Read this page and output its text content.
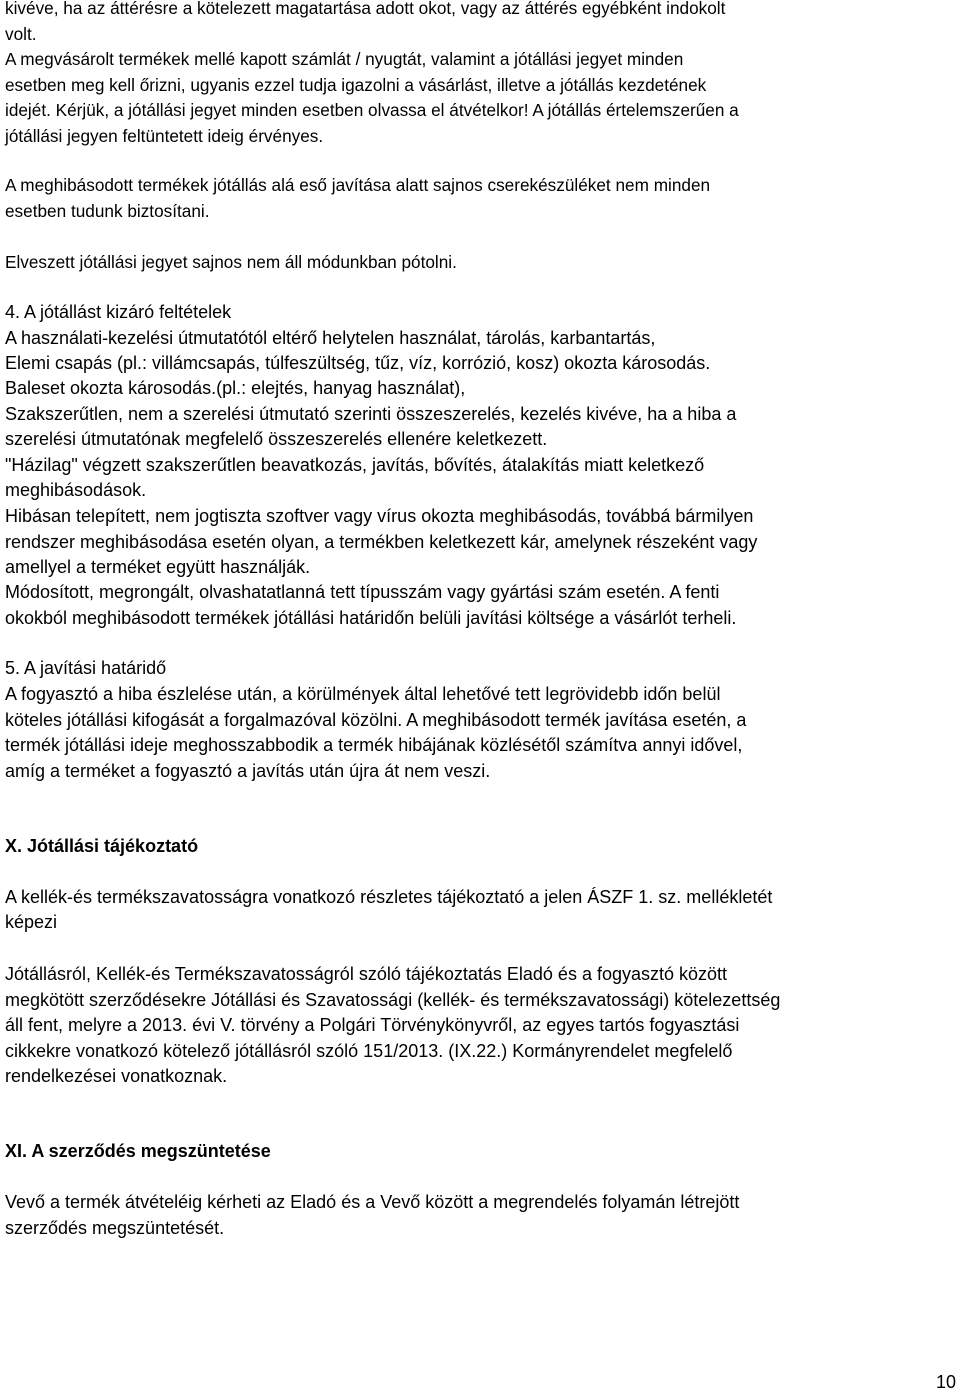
kivéve, ha az áttérésre a kötelezett magatartása adott okot, vagy az áttérés egyébként indokolt
volt.
A megvásárolt termékek mellé kapott számlát / nyugtát, valamint a jótállási jegyet minden
esetben meg kell őrizni, ugyanis ezzel tudja igazolni a vásárlást, illetve a jótállás kezdetének
idejét. Kérjük, a jótállási jegyet minden esetben olvassa el átvételkor! A jótállás értelemszerűen a
jótállási jegyen feltüntetett ideig érvényes.
A meghibásodott termékek jótállás alá eső javítása alatt sajnos cserekészüléket nem minden
esetben tudunk biztosítani.
Elveszett jótállási jegyet sajnos nem áll módunkban pótolni.
4. A jótállást kizáró feltételek
A használati-kezelési útmutatótól eltérő helytelen használat, tárolás, karbantartás,
Elemi csapás (pl.: villámcsapás, túlfeszültség, tűz, víz, korrózió, kosz) okozta károsodás.
Baleset okozta károsodás.(pl.: elejtés, hanyag használat),
Szakszerűtlen, nem a szerelési útmutató szerinti összeszerelés, kezelés kivéve, ha a hiba a
szerelési útmutatónak megfelelő összeszerelés ellenére keletkezett.
"Házilag" végzett szakszerűtlen beavatkozás, javítás, bővítés, átalakítás miatt keletkező
meghibásodások.
Hibásan telepített, nem jogtiszta szoftver vagy vírus okozta meghibásodás, továbbá bármilyen
rendszer meghibásodása esetén olyan, a termékben keletkezett kár, amelynek részeként vagy
amellyel a terméket együtt használják.
Módosított, megrongált, olvashatatlanná tett típusszám vagy gyártási szám esetén. A fenti
okokból meghibásodott termékek jótállási határidőn belüli javítási költsége a vásárlót terheli.
5. A javítási határidő
A fogyasztó a hiba észlelése után, a körülmények által lehetővé tett legrövidebb időn belül
köteles jótállási kifogását a forgalmazóval közölni. A meghibásodott termék javítása esetén, a
termék jótállási ideje meghosszabbodik a termék hibájának közlésétől számítva annyi idővel,
amíg a terméket a fogyasztó a javítás után újra át nem veszi.
X. Jótállási tájékoztató
A kellék-és termékszavatosságra vonatkozó részletes tájékoztató a jelen ÁSZF 1. sz. mellékletét
képezi
Jótállásról, Kellék-és Termékszavatosságról szóló tájékoztatás Eladó és a fogyasztó között
megkötött szerződésekre Jótállási és Szavatossági (kellék- és termékszavatossági) kötelezettség
áll fent, melyre a 2013. évi V. törvény a Polgári Törvénykönyvről, az egyes tartós fogyasztási
cikkekre vonatkozó kötelező jótállásról szóló 151/2013. (IX.22.) Kormányrendelet megfelelő
rendelkezései vonatkoznak.
XI. A szerződés megszüntetése
Vevő a termék átvételéig kérheti az Eladó és a Vevő között a megrendelés folyamán létrejött
szerződés megszüntetését.
10
